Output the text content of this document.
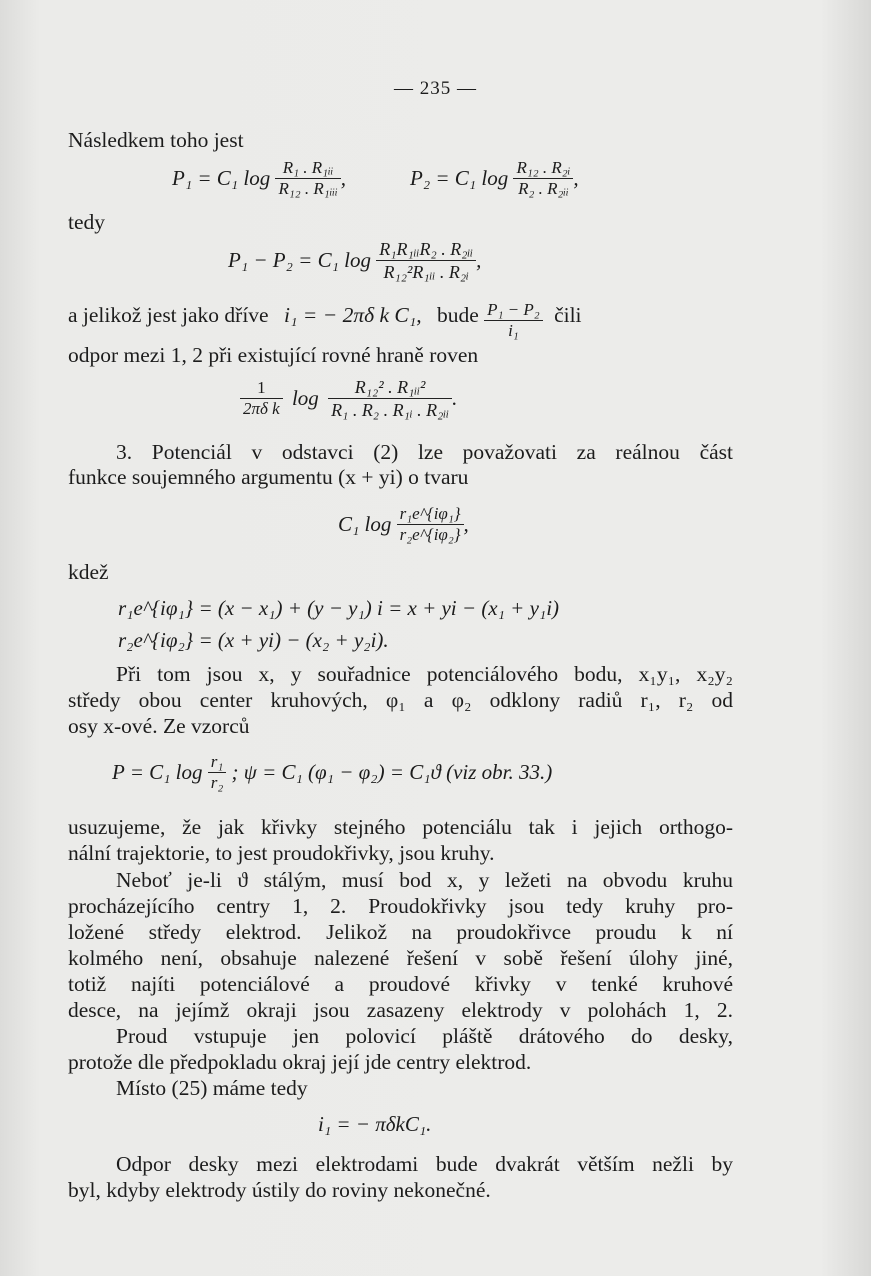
— 235 —
Následkem toho jest
P₁ = C₁ $\log \frac{\text{R₁ . R₁ᵢᵢ}}{\text{R₁₂ . R₁ᵢᵢᵢ}}$ ,	P₂ = C₁ $\log \frac{\text{R₁₂ . R₂ᵢ}}{\text{R₂ . R₂ᵢᵢ}}$ ,
tedy
P₁ − P₂ = C₁ $\log \frac{\text{R₁R₁ᵢᵢR₂ . R₂ᵢᵢ}}{\text{R₁₂²R₁ᵢᵢ . R₂ᵢ}}$ ,
a jelikož jest jako dříve i₁ = − 2πδ k C₁, bude $\frac{\text{P₁ − P₂}}{\text{i₁}}$ čili
odpor mezi 1, 2 při existující rovné hraně roven
$\frac{1}{\text{2πδ k}}$ $\log \frac{\text{R₁₂² . R₁ᵢᵢ²}}{\text{R₁ . R₂ . R₁ᵢ . R₂ᵢᵢ}}$ .
3. Potenciál v odstavci (2) lze považovati za reálnou část
funkce soujemného argumentu (x + yi) o tvaru
C₁ $\log \frac{\text{r₁e\textasciicircum{}\{iφ₁\}}}{\text{r₂e\textasciicircum{}\{iφ₂\}}}$ ,
kdež
r₁e^{iφ₁} = (x − x₁) + (y − y₁) i = x + yi − (x₁ + y₁i)
r₂e^{iφ₂} = (x + yi) − (x₂ + y₂i).
Při tom jsou x, y souřadnice potenciálového bodu, x₁y₁, x₂y₂
středy obou center kruhových, φ₁ a φ₂ odklony radiů r₁, r₂ od
osy x-ové. Ze vzorců
P = C₁ $\log \frac{\text{r₁}}{\text{r₂}}$ ; ψ = C₁ (φ₁ − φ₂) = C₁ϑ (viz obr. 33.)
usuzujeme, že jak křivky stejného potenciálu tak i jejich orthogo-
nální trajektorie, to jest proudokřivky, jsou kruhy.
Neboť je-li ϑ stálým, musí bod x, y ležeti na obvodu kruhu
procházejícího centry 1, 2. Proudokřivky jsou tedy kruhy pro-
ložené středy elektrod. Jelikož na proudokřivce proudu k ní
kolmého není, obsahuje nalezené řešení v sobě řešení úlohy jiné,
totiž najíti potenciálové a proudové křivky v tenké kruhové
desce, na jejímž okraji jsou zasazeny elektrody v polohách 1, 2.
Proud vstupuje jen polovicí pláště drátového do desky,
protože dle předpokladu okraj její jde centry elektrod.
Místo (25) máme tedy
i₁ = − πδkC₁.
Odpor desky mezi elektrodami bude dvakrát větším nežli by
byl, kdyby elektrody ústily do roviny nekonečné.
